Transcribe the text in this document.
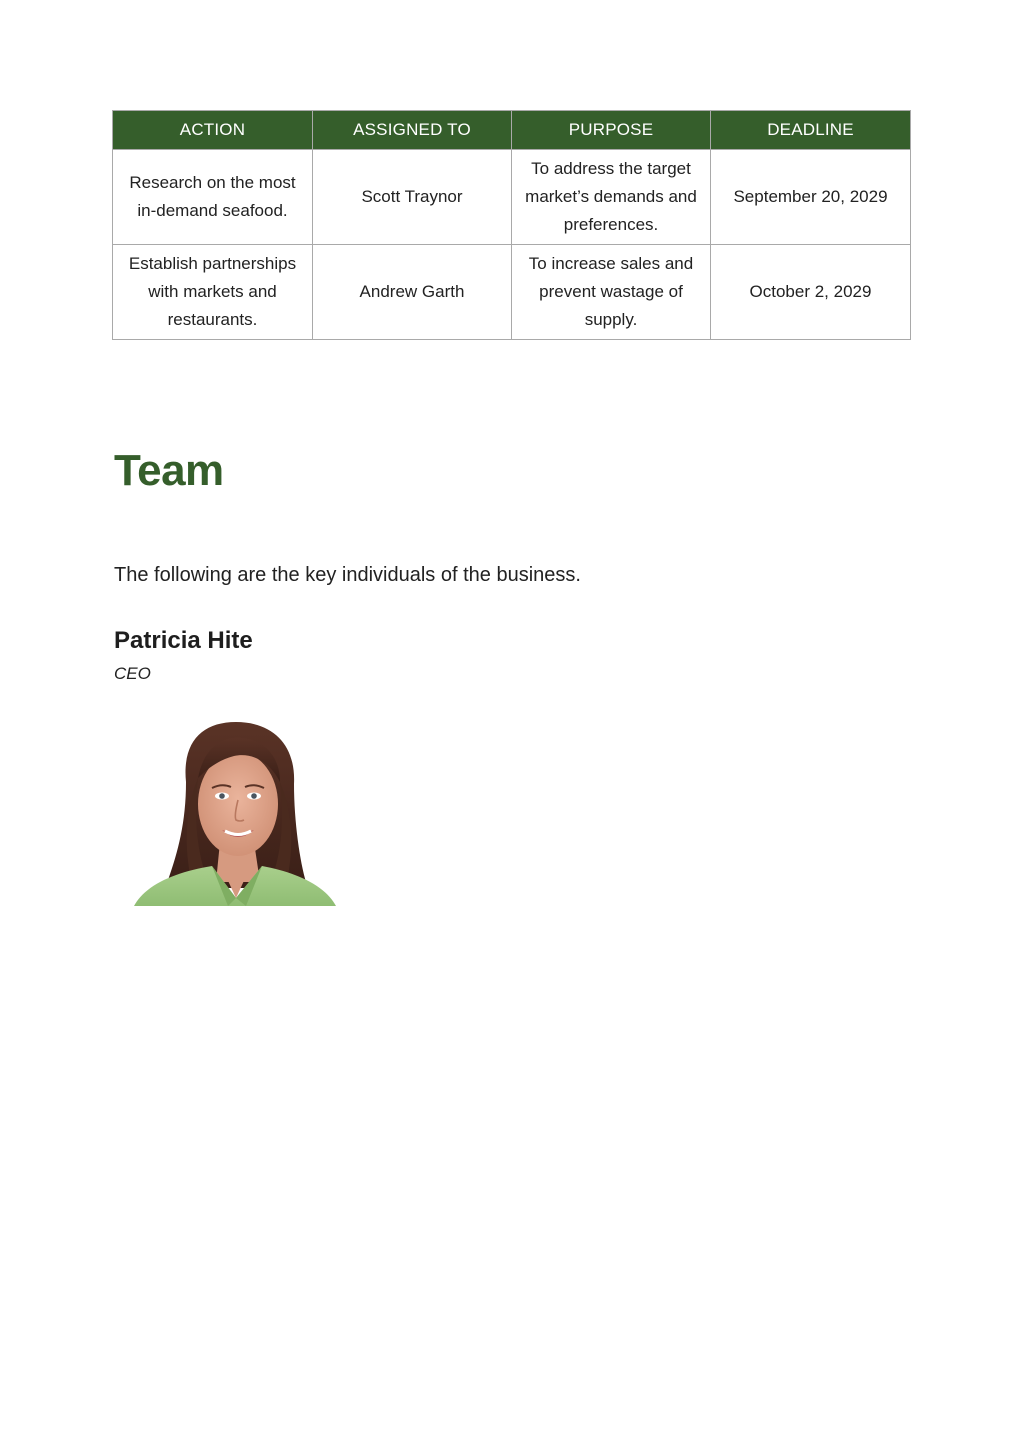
ACTION	ASSIGNED TO	PURPOSE	DEADLINE
Research on the most in-demand seafood.	Scott Traynor	To address the target market’s demands and preferences.	September 20, 2029
Establish partnerships with markets and restaurants.	Andrew Garth	To increase sales and prevent wastage of supply.	October 2, 2029
Team

The following are the key individuals of the business.

Patricia Hite

CEO
